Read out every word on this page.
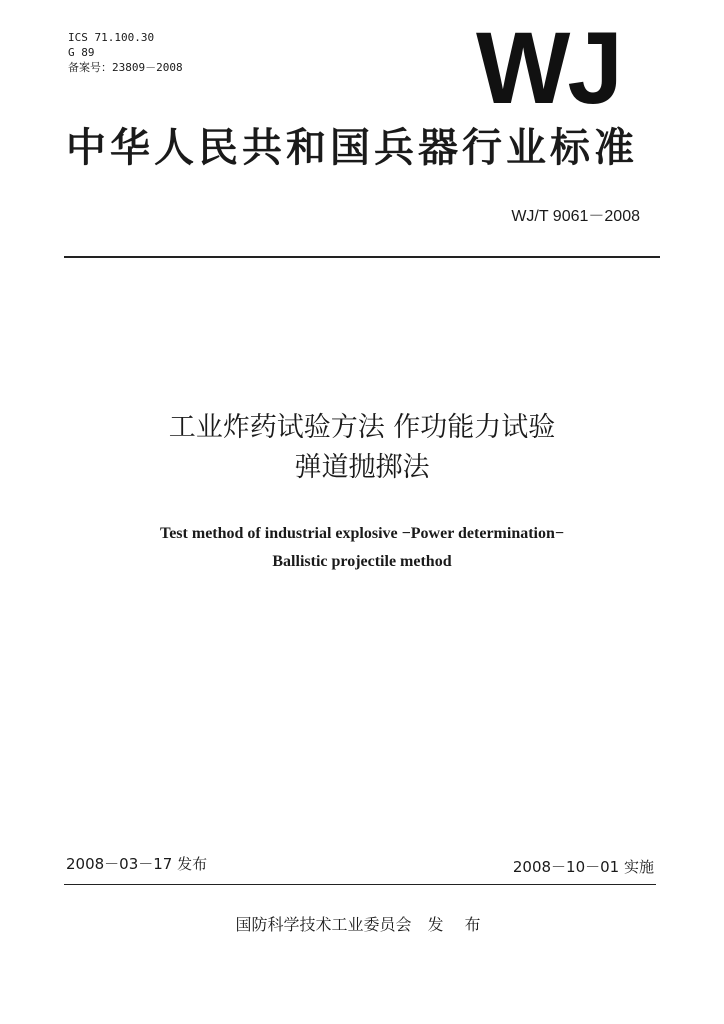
ICS 71.100.30
G 89
备案号：23809－2008	WJ
中华人民共和国兵器行业标准
WJ/T 9061－2008
工业炸药试验方法 作功能力试验
弹道抛掷法
Test method of industrial explosive −Power determination−
Ballistic projectile method
2008－03－17 发布	2008－10－01 实施
国防科学技术工业委员会 发 布
